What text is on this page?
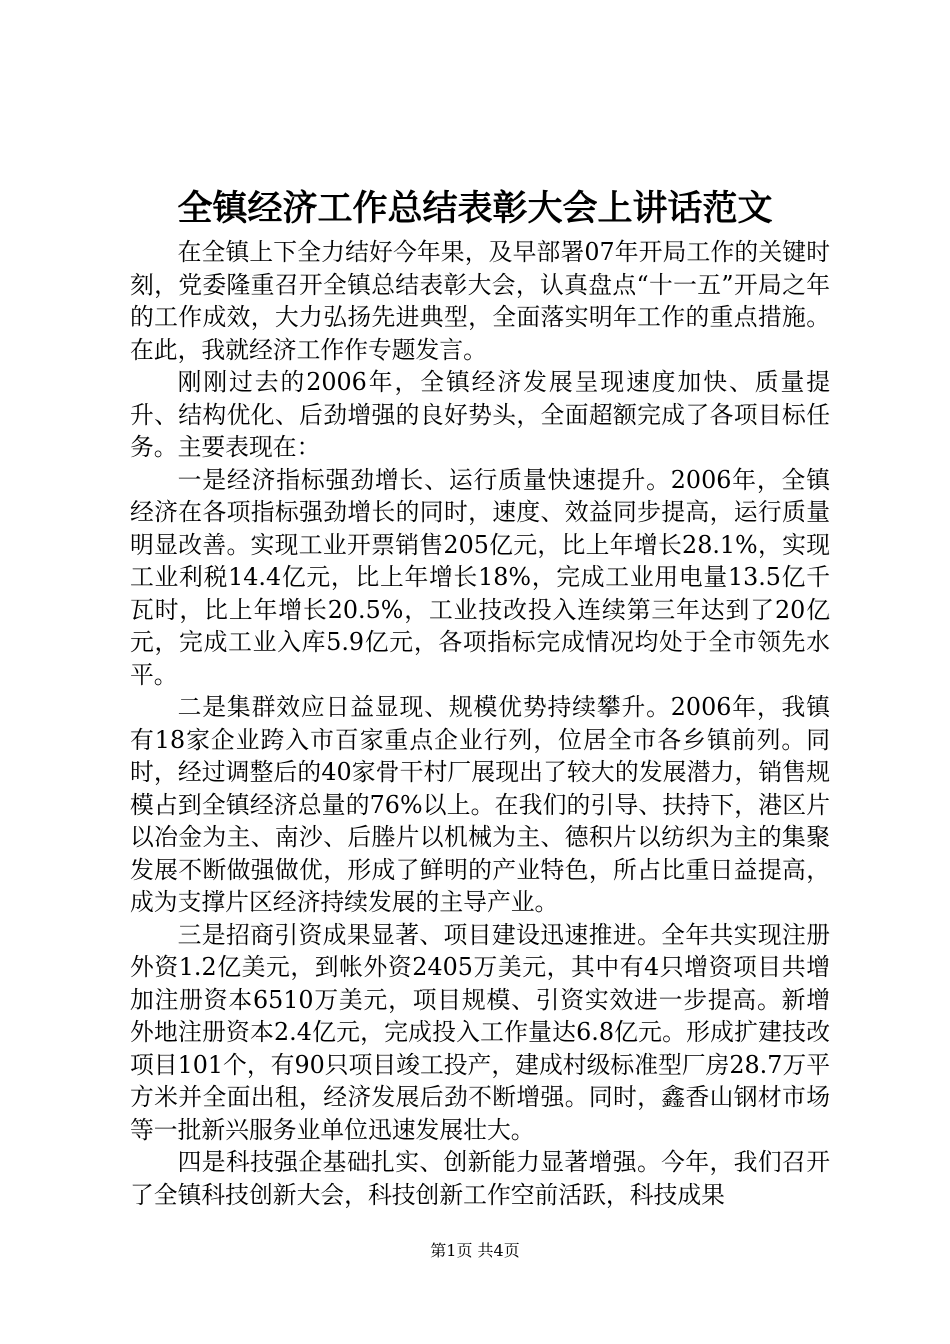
全镇经济工作总结表彰大会上讲话范文

在全镇上下全力结好今年果，及早部署07年开局工作的关键时刻，党委隆重召开全镇总结表彰大会，认真盘点“十一五”开局之年的工作成效，大力弘扬先进典型，全面落实明年工作的重点措施。在此，我就经济工作作专题发言。

刚刚过去的2006年，全镇经济发展呈现速度加快、质量提升、结构优化、后劲增强的良好势头，全面超额完成了各项目标任务。主要表现在：

一是经济指标强劲增长、运行质量快速提升。2006年，全镇经济在各项指标强劲增长的同时，速度、效益同步提高，运行质量明显改善。实现工业开票销售205亿元，比上年增长28.1%，实现工业利税14.4亿元，比上年增长18%，完成工业用电量13.5亿千瓦时，比上年增长20.5%，工业技改投入连续第三年达到了20亿元，完成工业入库5.9亿元，各项指标完成情况均处于全市领先水平。

二是集群效应日益显现、规模优势持续攀升。2006年，我镇有18家企业跨入市百家重点企业行列，位居全市各乡镇前列。同时，经过调整后的40家骨干村厂展现出了较大的发展潜力，销售规模占到全镇经济总量的76%以上。在我们的引导、扶持下，港区片以冶金为主、南沙、后塍片以机械为主、德积片以纺织为主的集聚发展不断做强做优，形成了鲜明的产业特色，所占比重日益提高，成为支撑片区经济持续发展的主导产业。

三是招商引资成果显著、项目建设迅速推进。全年共实现注册外资1.2亿美元，到帐外资2405万美元，其中有4只增资项目共增加注册资本6510万美元，项目规模、引资实效进一步提高。新增外地注册资本2.4亿元，完成投入工作量达6.8亿元。形成扩建技改项目101个，有90只项目竣工投产，建成村级标准型厂房28.7万平方米并全面出租，经济发展后劲不断增强。同时，鑫香山钢材市场等一批新兴服务业单位迅速发展壮大。

四是科技强企基础扎实、创新能力显著增强。今年，我们召开了全镇科技创新大会，科技创新工作空前活跃，科技成果

第1页 共4页
